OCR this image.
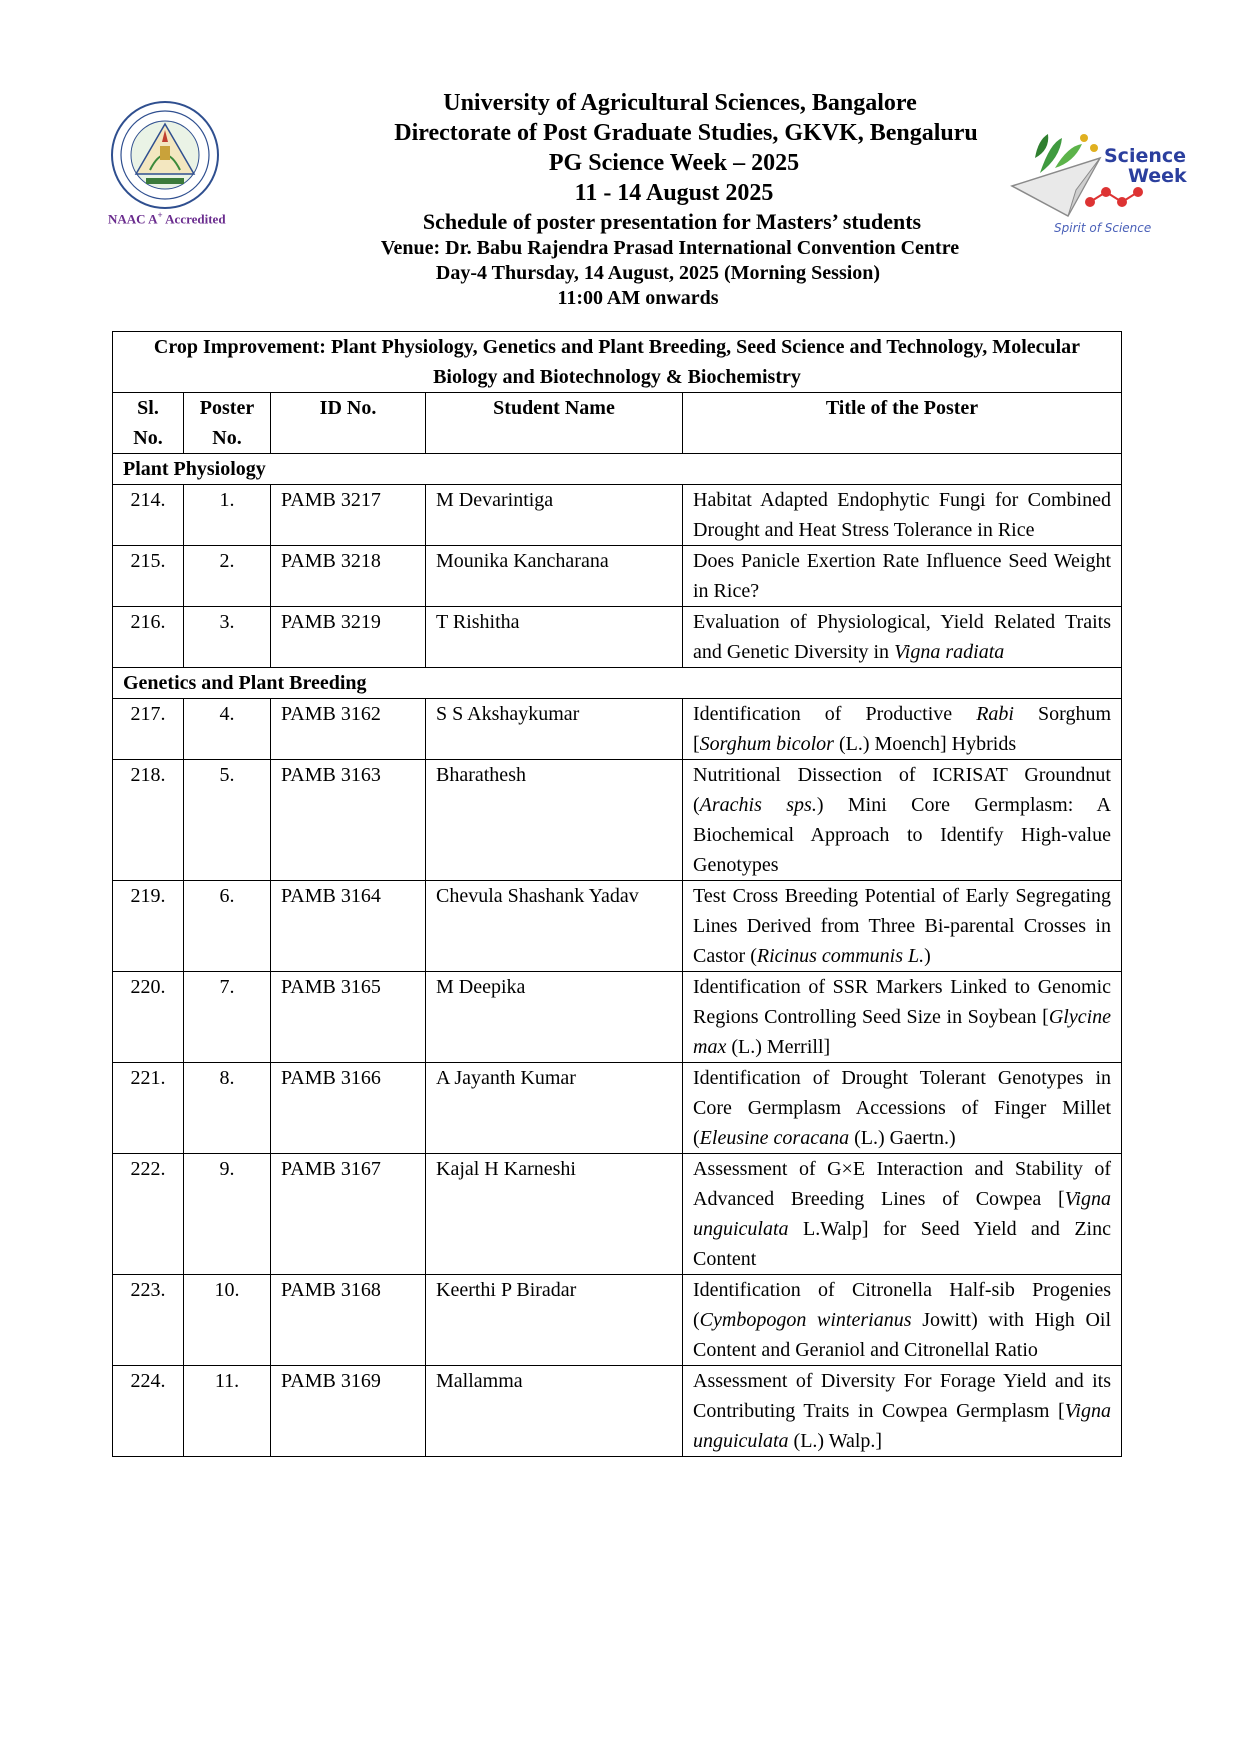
NAAC A+ Accredited
Science
Week
Spirit of Science
University of Agricultural Sciences, Bangalore
Directorate of Post Graduate Studies, GKVK, Bengaluru
PG Science Week – 2025
11 - 14 August 2025
Schedule of poster presentation for Masters’ students
Venue: Dr. Babu Rajendra Prasad International Convention Centre
Day-4 Thursday, 14 August, 2025 (Morning Session)
11:00 AM onwards
Crop Improvement: Plant Physiology, Genetics and Plant Breeding, Seed Science and Technology, Molecular Biology and Biotechnology & Biochemistry				
Sl. No.	Poster No.	ID No.	Student Name	Title of the Poster
Plant Physiology				
214.	1.	PAMB 3217	M Devarintiga	Habitat Adapted Endophytic Fungi for Combined Drought and Heat Stress Tolerance in Rice
215.	2.	PAMB 3218	Mounika Kancharana	Does Panicle Exertion Rate Influence Seed Weight in Rice?
216.	3.	PAMB 3219	T Rishitha	Evaluation of Physiological, Yield Related Traits and Genetic Diversity in Vigna radiata
Genetics and Plant Breeding				
217.	4.	PAMB 3162	S S Akshaykumar	Identification of Productive Rabi Sorghum [Sorghum bicolor (L.) Moench] Hybrids
218.	5.	PAMB 3163	Bharathesh	Nutritional Dissection of ICRISAT Groundnut (Arachis sps.) Mini Core Germplasm: A Biochemical Approach to Identify High-value Genotypes
219.	6.	PAMB 3164	Chevula Shashank Yadav	Test Cross Breeding Potential of Early Segregating Lines Derived from Three Bi-parental Crosses in Castor (Ricinus communis L.)
220.	7.	PAMB 3165	M Deepika	Identification of SSR Markers Linked to Genomic Regions Controlling Seed Size in Soybean [Glycine max (L.) Merrill]
221.	8.	PAMB 3166	A Jayanth Kumar	Identification of Drought Tolerant Genotypes in Core Germplasm Accessions of Finger Millet (Eleusine coracana (L.) Gaertn.)
222.	9.	PAMB 3167	Kajal H Karneshi	Assessment of G×E Interaction and Stability of Advanced Breeding Lines of Cowpea [Vigna unguiculata L.Walp] for Seed Yield and Zinc Content
223.	10.	PAMB 3168	Keerthi P Biradar	Identification of Citronella Half-sib Progenies (Cymbopogon winterianus Jowitt) with High Oil Content and Geraniol and Citronellal Ratio
224.	11.	PAMB 3169	Mallamma	Assessment of Diversity For Forage Yield and its Contributing Traits in Cowpea Germplasm [Vigna unguiculata (L.) Walp.]
